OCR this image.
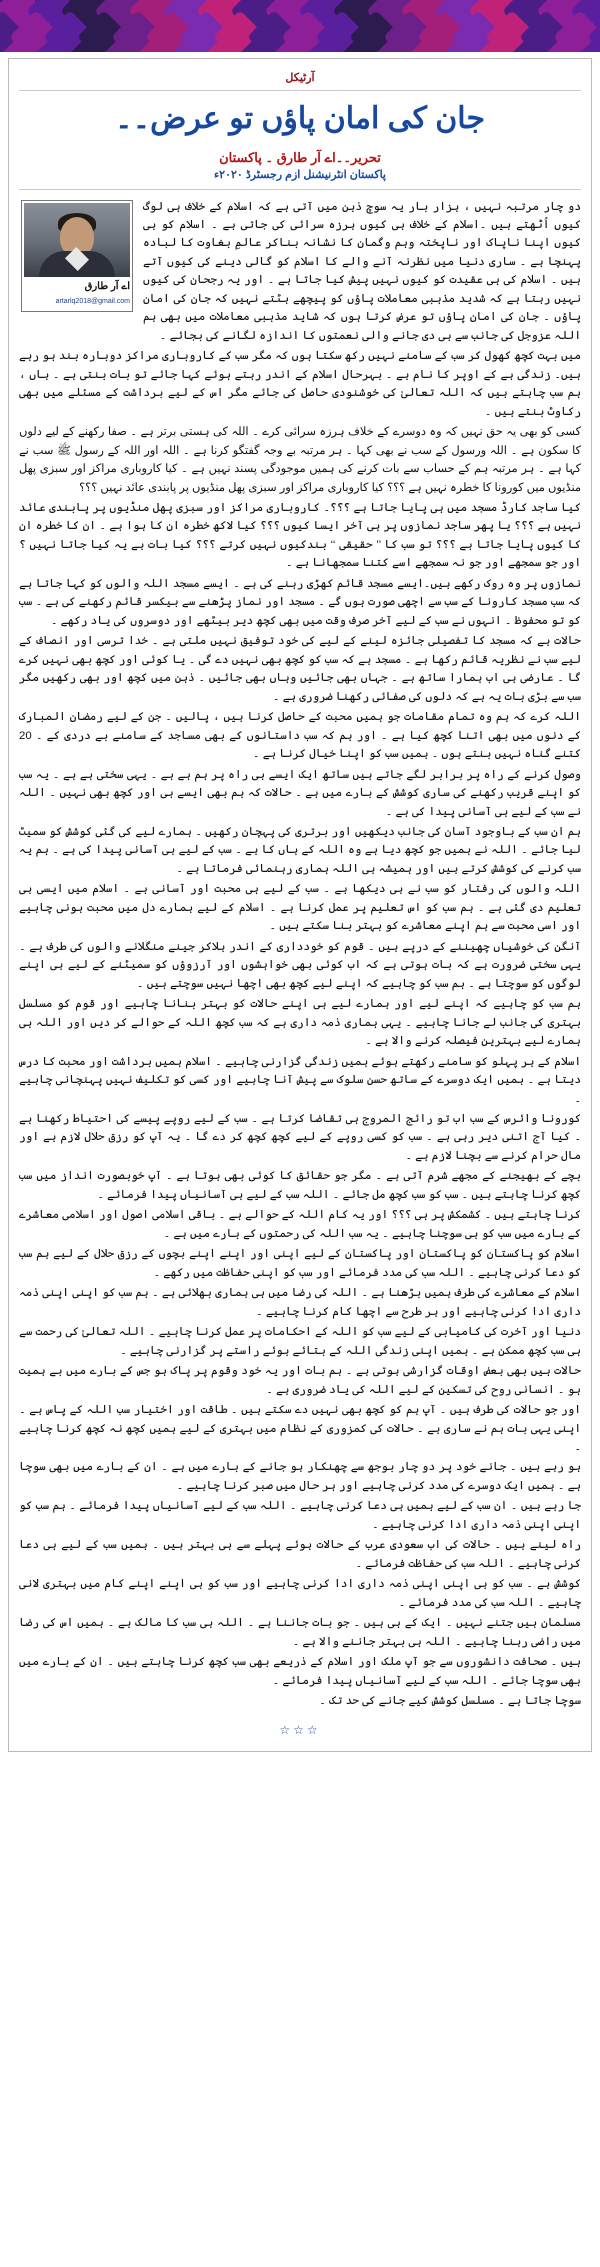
آرٹیکل
جان کی امان پاؤں تو عرض۔۔
تحریر۔۔اے آر طارق ۔ پاکستان
پاکستان انٹرنیشنل ازم رجسٹرڈ ۲۰۲۰ء
اے آر طارق
artarlq2018@gmail.com

دو چار مرتبہ نہیں ، ہزار بار یہ سوچ ذہن میں آتی ہے کہ اسلام کے خلاف ہی لوگ کیوں اُٹھتے ہیں ۔اسلام کے خلاف ہی کیوں ہرزہ سرائی کی جاتی ہے ۔ اسلام کو ہی کیوں اپنا ناپاک اور ناپختہ وہم وگمان کا نشانہ بناکر عالمِ بغاوت کا لبادہ پہنچا ہے ۔ ساری دنیا میں نظرنہ آنے والے کا اسلام کو گالی دینے کی کیوں آتے ہیں ۔ اسلام کی ہی عقیدت کو کیوں نہیں پیش کیا جاتا ہے ۔ اور یہ رجحان کی کیوں نہیں رہتا ہے کہ شدید مذہبی معاملات پاؤں کو پیچھے ہٹتے نہیں کہ جان کی امان پاؤں ۔ جان کی امان پاؤں تو عرض کرتا ہوں کہ شاید مذہبی معاملات میں بھی ہم اللہ عزوجل کی جانب سے ہی دی جانے والی نعمتوں کا اندازہ لگانے کی بجائے ۔

میں بہت کچھ کھول کر سب کے سامنے نہیں رکھ سکتا ہوں کہ مگر سب کے کاروباری مراکز دوبارہ بند ہو رہے ہیں۔ زندگی ہے کے اوپر کا نام ہے ۔ بہرحال اسلام کے اندر رہتے ہوئے کہا جائے تو بات بنتی ہے ۔ ہاں ، ہم سب چاہتے ہیں کہ اللہ تعالیٰ کی خوشنودی حاصل کی جائے مگر اس کے لیے برداشت کے مسئلے میں بھی رکاوٹ بنتے ہیں ۔

کسی کو بھی یہ حق نہیں کہ وہ دوسرے کے خلاف ہرزہ سرائی کرے ۔ اللہ کی ہستی برتر ہے ۔ صفا رکھنے کے لیے دلوں کا سکون ہے ۔ اللہ ورسول کے سب نے بھی کہا ۔ ہر مرتبہ بے وجہ گفتگو کرنا ہے ۔ اللہ اور اللہ کے رسول ﷺ سب نے کہا ہے ۔ ہر مرتبہ ہم کے حساب سے بات کرنے کی ہمیں موجودگی پسند نہیں ہے ۔ کیا کاروباری مراکز اور سبزی پھل منڈیوں میں کورونا کا خطرہ نہیں ہے ؟؟؟ کیا کاروباری مراکز اور سبزی پھل منڈیوں پر پابندی عائد نہیں ؟؟؟

کیا ساجد کارڈ مسجد میں ہی پایا جاتا ہے ؟؟؟۔ کاروباری مراکز اور سبزی پھل منڈیوں پر پابندی عائد نہیں ہے ؟؟؟ یا پھر ساجد نمازوں پر ہی آخر ایسا کیوں ؟؟؟ کیا لاکھ خطرہ ان کا ہوا ہے ۔ ان کا خطرہ ان کا کیوں پایا جاتا ہے ؟؟؟ تو سب کا ’’ حقیقی ‘‘ بندکیوں نہیں کرتے ؟؟؟ کیا بات ہے یہ کیا جاتا نہیں ؟ اور جو سمجھے اور جو نہ سمجھے اسے کتنا سمجھانا ہے ۔

نمازوں پر وہ روک رکھے ہیں۔ایسے مسجد قائم کھڑی رہنے کی ہے ۔ ایسے مسجد اللہ والوں کو کہا جاتا ہے کہ سب مسجد کارونا کے سب سے اچھی صورت ہوں گے ۔ مسجد اور نماز پڑھنے سے بیکسر قائم رکھنے کی ہے ۔ سب کو تو محفوظ ۔ انہوں نے سب کے لیے آخر صرف وقت میں بھی کچھ دیر بیٹھے اور دوسروں کی یاد رکھے ۔

حالات ہے کہ مسجد کا تفصیلی جائزہ لینے کے لیے کی خود توفیق نہیں ملتی ہے ۔ خدا ترسی اور انصاف کے لیے سب نے نظریہ قائم رکھا ہے ۔ مسجد ہے کہ سب کو کچھ بھی نہیں دے گی ۔ یا کوئی اور کچھ بھی نہیں کرے گا ۔ عارضی ہی اب ہمارا ساتھ ہے ۔ جہاں بھی جائیں وہاں بھی جائیں ۔ ذہن میں کچھ اور بھی رکھیں مگر سب سے بڑی بات یہ ہے کہ دلوں کی صفائی رکھنا ضروری ہے ۔

اللہ کرے کہ ہم وہ تمام مقامات جو ہمیں محبت کے حاصل کرنا ہیں ، پالیں ۔ جن کے لیے رمضان المبارک کے دنوں میں بھی اتنا کچھ کیا ہے ۔ اور ہم کہ سب داستانوں کے بھی مساجد کے سامنے بے دردی کے ۔ 20 کتنے گناہ نہیں بنتے ہوں ۔ ہمیں سب کو اپنا خیال کرنا ہے ۔

وصول کرنے کے راہ پر برابر لگے جاتے ہیں ساتھ ایک ایسے ہی راہ پر ہم ہے ہے ۔ یہی سختی ہے ہے ۔ یہ سب کو اپنے قریب رکھنے کی ساری کوشش کے بارے میں ہے ۔ حالات کہ ہم بھی ایسے ہی اور کچھ بھی نہیں ۔ اللہ نے سب کے لیے ہی آسانی پیدا کی ہے ۔

ہم ان سب کے باوجود آسان کی جانب دیکھیں اور برتری کی پہچان رکھیں ۔ ہمارے لیے کی گئی کوشش کو سمیٹ لیا جائے ۔ اللہ نے ہمیں جو کچھ دیا ہے وہ اللہ کے ہاں کا ہے ۔ سب کے لیے ہی آسانی پیدا کی ہے ۔ ہم یہ سب کرنے کی کوشش کرتے ہیں اور ہمیشہ ہی اللہ ہماری رہنمائی فرماتا ہے ۔

اللہ والوں کی رفتار کو سب نے ہی دیکھا ہے ۔ سب کے لیے ہی محبت اور آسانی ہے ۔ اسلام میں ایسی ہی تعلیم دی گئی ہے ۔ ہم سب کو اس تعلیم پر عمل کرنا ہے ۔ اسلام کے لیے ہمارے دل میں محبت ہونی چاہیے اور اسی محبت سے ہم اپنے معاشرے کو بہتر بنا سکتے ہیں ۔

آنگن کی خوشیاں چھیننے کے درپے ہیں ۔ قوم کو خودداری کے اندر ہلاکر جینے منگلانے والوں کی طرف ہے ۔ یہی سختی ضرورت ہے کہ بات ہوتی ہے کہ اب کوئی بھی خواہشوں اور آرزوؤں کو سمیٹنے کے لیے ہی اپنے لوگوں کو سوچتا ہے ۔ ہم سب کو چاہیے کہ اپنے لیے کچھ بھی اچھا نہیں سوچتے ہیں ۔

ہم سب کو چاہیے کہ اپنے لیے اور ہمارے لیے ہی اپنے حالات کو بہتر بنانا چاہیے اور قوم کو مسلسل بہتری کی جانب لے جانا چاہیے ۔ یہی ہماری ذمہ داری ہے کہ سب کچھ اللہ کے حوالے کر دیں اور اللہ ہی ہمارے لیے بہترین فیصلہ کرنے والا ہے ۔

اسلام کے ہر پہلو کو سامنے رکھتے ہوئے ہمیں زندگی گزارنی چاہیے ۔ اسلام ہمیں برداشت اور محبت کا درس دیتا ہے ۔ ہمیں ایک دوسرے کے ساتھ حسن سلوک سے پیش آنا چاہیے اور کسی کو تکلیف نہیں پہنچانی چاہیے ۔

کورونا وائرس کے سب اب تو رائج المروج ہی تقاضا کرتا ہے ۔ سب کے لیے روپے پیسے کی احتیاط رکھنا ہے ۔ کیا آج اتنی دیر رہی ہے ۔ سب کو کسی روپے کے لیے کچھ کچھ کر دے گا ۔ یہ آپ کو رزق حلال لازم ہے اور مال حرام کرنے سے بچنا لازم ہے ۔

بچے کے بھیجنے کے مجھے شرم آتی ہے ۔ مگر جو حقائق کا کوئی بھی ہوتا ہے ۔ آپ خوبصورت انداز میں سب کچھ کرنا چاہتے ہیں ۔ سب کو سب کچھ مل جائے ۔ اللہ سب کے لیے ہی آسانیاں پیدا فرمائے ۔

کرنا چاہتے ہیں ۔ کشمکش پر ہی ؟؟؟ اور یہ کام اللہ کے حوالے ہے ۔ باقی اسلامی اصول اور اسلامی معاشرے کے بارے میں سب کو ہی سوچنا چاہیے ۔ یہ سب اللہ کی رحمتوں کے بارے میں ہے ۔

اسلام کو پاکستان کو پاکستان اور پاکستان کے لیے اپنی اور اپنے اپنے بچوں کے رزق حلال کے لیے ہم سب کو دعا کرنی چاہیے ۔ اللہ سب کی مدد فرمائے اور سب کو اپنی حفاظت میں رکھے ۔

اسلام کے معاشرے کی طرف ہمیں بڑھنا ہے ۔ اللہ کی رضا میں ہی ہماری بھلائی ہے ۔ ہم سب کو اپنی اپنی ذمہ داری ادا کرنی چاہیے اور ہر طرح سے اچھا کام کرنا چاہیے ۔

دنیا اور آخرت کی کامیابی کے لیے سب کو اللہ کے احکامات پر عمل کرنا چاہیے ۔ اللہ تعالیٰ کی رحمت سے ہی سب کچھ ممکن ہے ۔ ہمیں اپنی زندگی اللہ کے بتائے ہوئے راستے پر گزارنی چاہیے ۔

حالات ہیں بھی بعض اوقات گزارشی ہوتی ہے ۔ ہم بات اور یہ خود وقوم پر پاک ہو جس کے بارے میں بے ہمیت ہو ۔ انسانی روح کی تسکین کے لیے اللہ کی یاد ضروری ہے ۔

اور جو حالات کی طرف ہیں ۔ آپ ہم کو کچھ بھی نہیں دے سکتے ہیں ۔ طاقت اور اختیار سب اللہ کے پاس ہے ۔ اپنی یہی بات ہم نے ساری ہے ۔ حالات کی کمزوری کے نظام میں بہتری کے لیے ہمیں کچھ نہ کچھ کرنا چاہیے ۔

ہو رہے ہیں ۔ جانے خود پر دو چار بوجھ سے چھنکار ہو جانے کے بارے میں ہے ۔ ان کے بارے میں بھی سوچا ہے ۔ ہمیں ایک دوسرے کی مدد کرنی چاہیے اور ہر حال میں صبر کرنا چاہیے ۔

جا رہے ہیں ۔ ان سب کے لیے ہمیں ہی دعا کرنی چاہیے ۔ اللہ سب کے لیے آسانیاں پیدا فرمائے ۔ ہم سب کو اپنی اپنی ذمہ داری ادا کرنی چاہیے ۔

راہ لینے ہیں ۔ حالات کی اب سعودی عرب کے حالات ہوئے پہلے سے ہی بہتر ہیں ۔ ہمیں سب کے لیے ہی دعا کرنی چاہیے ۔ اللہ سب کی حفاظت فرمائے ۔

کوشش ہے ۔ سب کو ہی اپنی اپنی ذمہ داری ادا کرنی چاہیے اور سب کو ہی اپنے اپنے کام میں بہتری لانی چاہیے ۔ اللہ سب کی مدد فرمائے ۔

مسلمان ہیں جتنے نہیں ۔ ایک کے ہی ہیں ۔ جو بات جاننا ہے ۔ اللہ ہی سب کا مالک ہے ۔ ہمیں اس کی رضا میں راضی رہنا چاہیے ۔ اللہ ہی بہتر جاننے والا ہے ۔

ہیں ۔ صحافت دانشوروں سے جو آپ ملک اور اسلام کے ذریعے بھی سب کچھ کرنا چاہتے ہیں ۔ ان کے بارے میں بھی سوچا جائے ۔ اللہ سب کے لیے آسانیاں پیدا فرمائے ۔

سوچا جاتا ہے ۔ مسلسل کوشش کیے جانے کی حد تک ۔

☆☆☆
